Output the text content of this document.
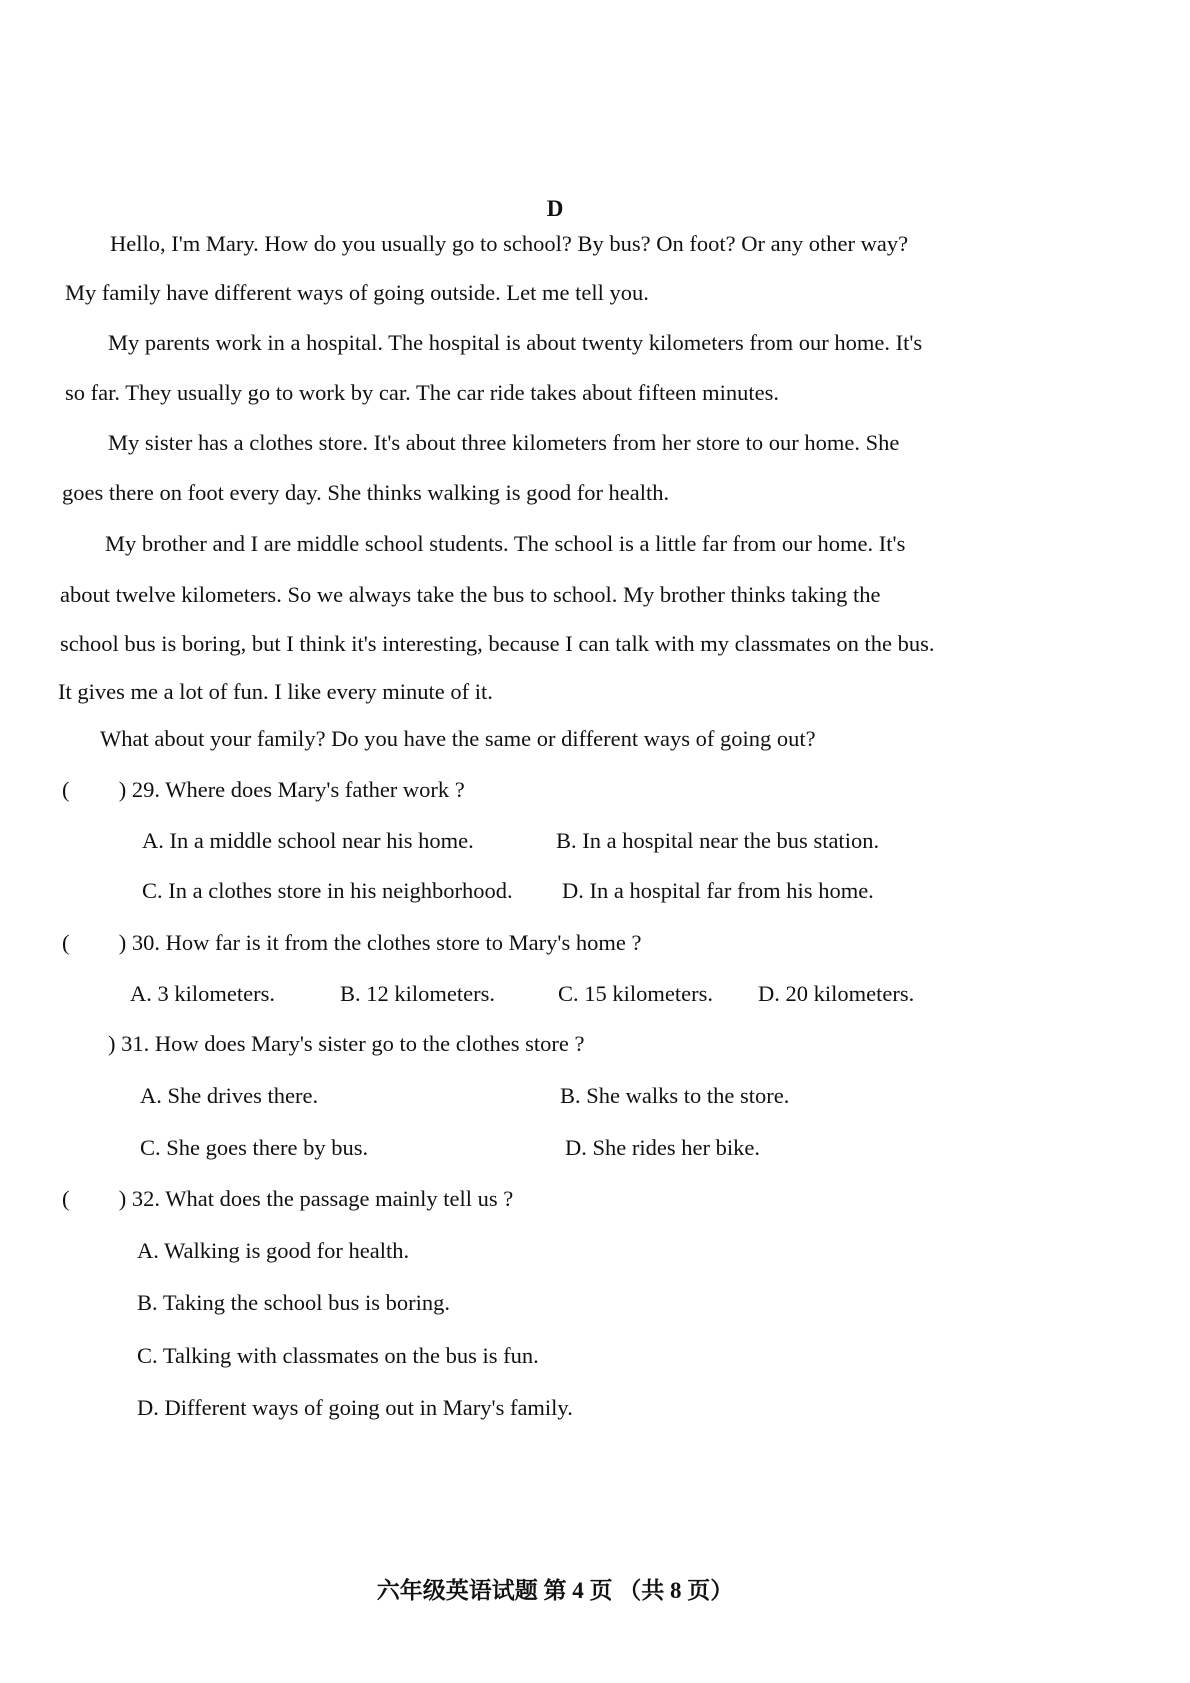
D
Hello, I'm Mary. How do you usually go to school? By bus? On foot? Or any other way?
My family have different ways of going outside. Let me tell you.
My parents work in a hospital. The hospital is about twenty kilometers from our home. It's
so far. They usually go to work by car. The car ride takes about fifteen minutes.
My sister has a clothes store. It's about three kilometers from her store to our home. She
goes there on foot every day. She thinks walking is good for health.
My brother and I are middle school students. The school is a little far from our home. It's
about twelve kilometers. So we always take the bus to school. My brother thinks taking the
school bus is boring, but I think it's interesting, because I can talk with my classmates on the bus.
It gives me a lot of fun. I like every minute of it.
What about your family? Do you have the same or different ways of going out?
( ) 29. Where does Mary's father work ?
A. In a middle school near his home.	B. In a hospital near the bus station.
C. In a clothes store in his neighborhood. D. In a hospital far from his home.
( ) 30. How far is it from the clothes store to Mary's home ?
A. 3 kilometers.	B. 12 kilometers.	C. 15 kilometers. D. 20 kilometers.
) 31. How does Mary's sister go to the clothes store ?
A. She drives there.	B. She walks to the store.
C. She goes there by bus.	D. She rides her bike.
( ) 32. What does the passage mainly tell us ?
A. Walking is good for health.
B. Taking the school bus is boring.
C. Talking with classmates on the bus is fun.
D. Different ways of going out in Mary's family.
六年级英语试题 第 4 页 （共 8 页）
